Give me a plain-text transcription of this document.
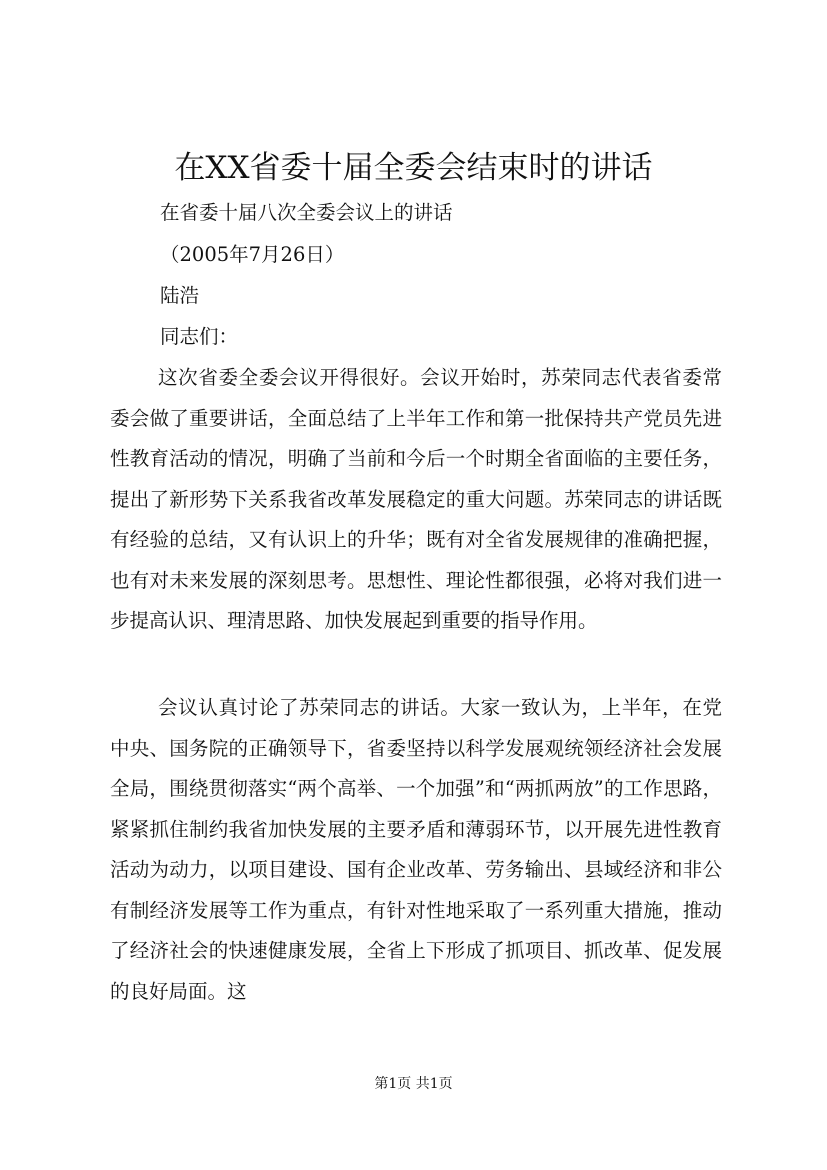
在XX省委十届全委会结束时的讲话

在省委十届八次全委会议上的讲话

（2005年7月26日）

陆浩

同志们：

这次省委全委会议开得很好。会议开始时，苏荣同志代表省委常委会做了重要讲话，全面总结了上半年工作和第一批保持共产党员先进性教育活动的情况，明确了当前和今后一个时期全省面临的主要任务，提出了新形势下关系我省改革发展稳定的重大问题。苏荣同志的讲话既有经验的总结，又有认识上的升华；既有对全省发展规律的准确把握，也有对未来发展的深刻思考。思想性、理论性都很强，必将对我们进一步提高认识、理清思路、加快发展起到重要的指导作用。

会议认真讨论了苏荣同志的讲话。大家一致认为，上半年，在党中央、国务院的正确领导下，省委坚持以科学发展观统领经济社会发展全局，围绕贯彻落实“两个高举、一个加强”和“两抓两放”的工作思路，紧紧抓住制约我省加快发展的主要矛盾和薄弱环节，以开展先进性教育活动为动力，以项目建设、国有企业改革、劳务输出、县域经济和非公有制经济发展等工作为重点，有针对性地采取了一系列重大措施，推动了经济社会的快速健康发展，全省上下形成了抓项目、抓改革、促发展的良好局面。这

第1页 共1页
